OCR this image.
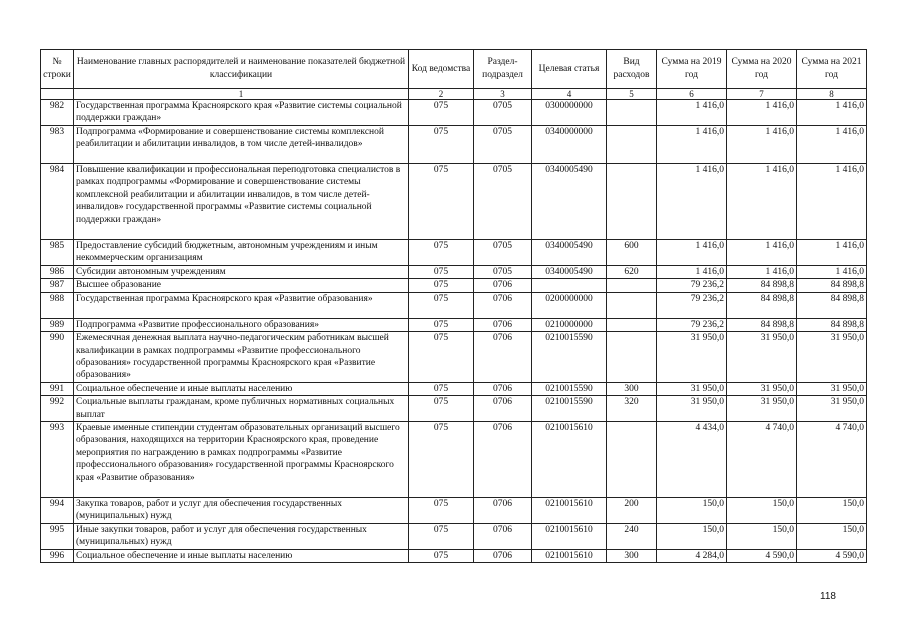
№ строки	Наименование главных распорядителей и наименование показателей бюджетной классификации	Код ведомства	Раздел-подраздел	Целевая статья	Вид расходов	Сумма на 2019 год	Сумма на 2020 год	Сумма на 2021 год
	1	2	3	4	5	6	7	8
982	Государственная программа Красноярского края «Развитие системы социальной поддержки граждан»	075	0705	0300000000		1 416,0	1 416,0	1 416,0
983	Подпрограмма «Формирование и совершенствование системы комплексной реабилитации и абилитации инвалидов, в том числе детей-инвалидов»	075	0705	0340000000		1 416,0	1 416,0	1 416,0
984	Повышение квалификации и профессиональная переподготовка специалистов в рамках подпрограммы «Формирование и совершенствование системы комплексной реабилитации и абилитации инвалидов, в том числе детей-инвалидов» государственной программы «Развитие системы социальной поддержки граждан»	075	0705	0340005490		1 416,0	1 416,0	1 416,0
985	Предоставление субсидий бюджетным, автономным учреждениям и иным некоммерческим организациям	075	0705	0340005490	600	1 416,0	1 416,0	1 416,0
986	Субсидии автономным учреждениям	075	0705	0340005490	620	1 416,0	1 416,0	1 416,0
987	Высшее образование	075	0706			79 236,2	84 898,8	84 898,8
988	Государственная программа Красноярского края «Развитие образования»	075	0706	0200000000		79 236,2	84 898,8	84 898,8
989	Подпрограмма «Развитие профессионального образования»	075	0706	0210000000		79 236,2	84 898,8	84 898,8
990	Ежемесячная денежная выплата научно-педагогическим работникам высшей квалификации в рамках подпрограммы «Развитие профессионального образования» государственной программы Красноярского края «Развитие образования»	075	0706	0210015590		31 950,0	31 950,0	31 950,0
991	Социальное обеспечение и иные выплаты населению	075	0706	0210015590	300	31 950,0	31 950,0	31 950,0
992	Социальные выплаты гражданам, кроме публичных нормативных социальных выплат	075	0706	0210015590	320	31 950,0	31 950,0	31 950,0
993	Краевые именные стипендии студентам образовательных организаций высшего образования, находящихся на территории Красноярского края, проведение мероприятия по награждению в рамках подпрограммы «Развитие профессионального образования» государственной программы Красноярского края «Развитие образования»	075	0706	0210015610		4 434,0	4 740,0	4 740,0
994	Закупка товаров, работ и услуг для обеспечения государственных (муниципальных) нужд	075	0706	0210015610	200	150,0	150,0	150,0
995	Иные закупки товаров, работ и услуг для обеспечения государственных (муниципальных) нужд	075	0706	0210015610	240	150,0	150,0	150,0
996	Социальное обеспечение и иные выплаты населению	075	0706	0210015610	300	4 284,0	4 590,0	4 590,0
118
